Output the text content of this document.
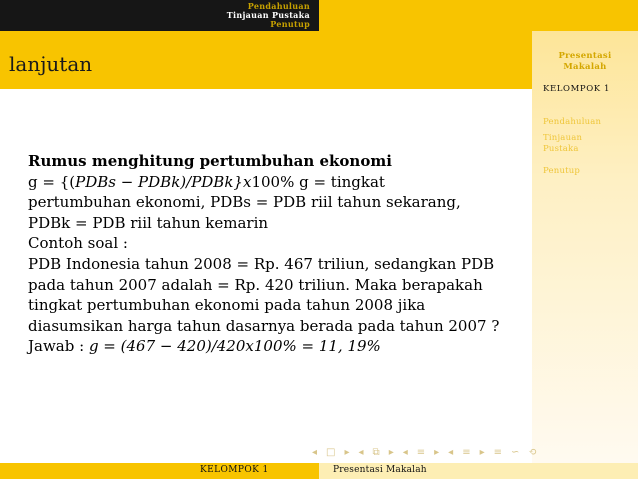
Pendahuluan
Tinjauan Pustaka
Penutup
lanjutan	Presentasi
Makalah
KELOMPOK 1
Pendahuluan
Tinjauan
Pustaka
Penutup
Rumus menghitung pertumbuhan ekonomi
g = {(PDBs − PDBk)/PDBk}x100% g = tingkat
pertumbuhan ekonomi, PDBs = PDB riil tahun sekarang,
PDBk = PDB riil tahun kemarin
Contoh soal :
PDB Indonesia tahun 2008 = Rp. 467 triliun, sedangkan PDB
pada tahun 2007 adalah = Rp. 420 triliun. Maka berapakah
tingkat pertumbuhan ekonomi pada tahun 2008 jika
diasumsikan harga tahun dasarnya berada pada tahun 2007 ?
Jawab : g = (467 − 420)/420x100% = 11, 19%
◂ □ ▸ ◂ ⧉ ▸ ◂ ≡ ▸ ◂ ≡ ▸ ≡ ∽ ⟲
KELOMPOK 1	Presentasi Makalah
